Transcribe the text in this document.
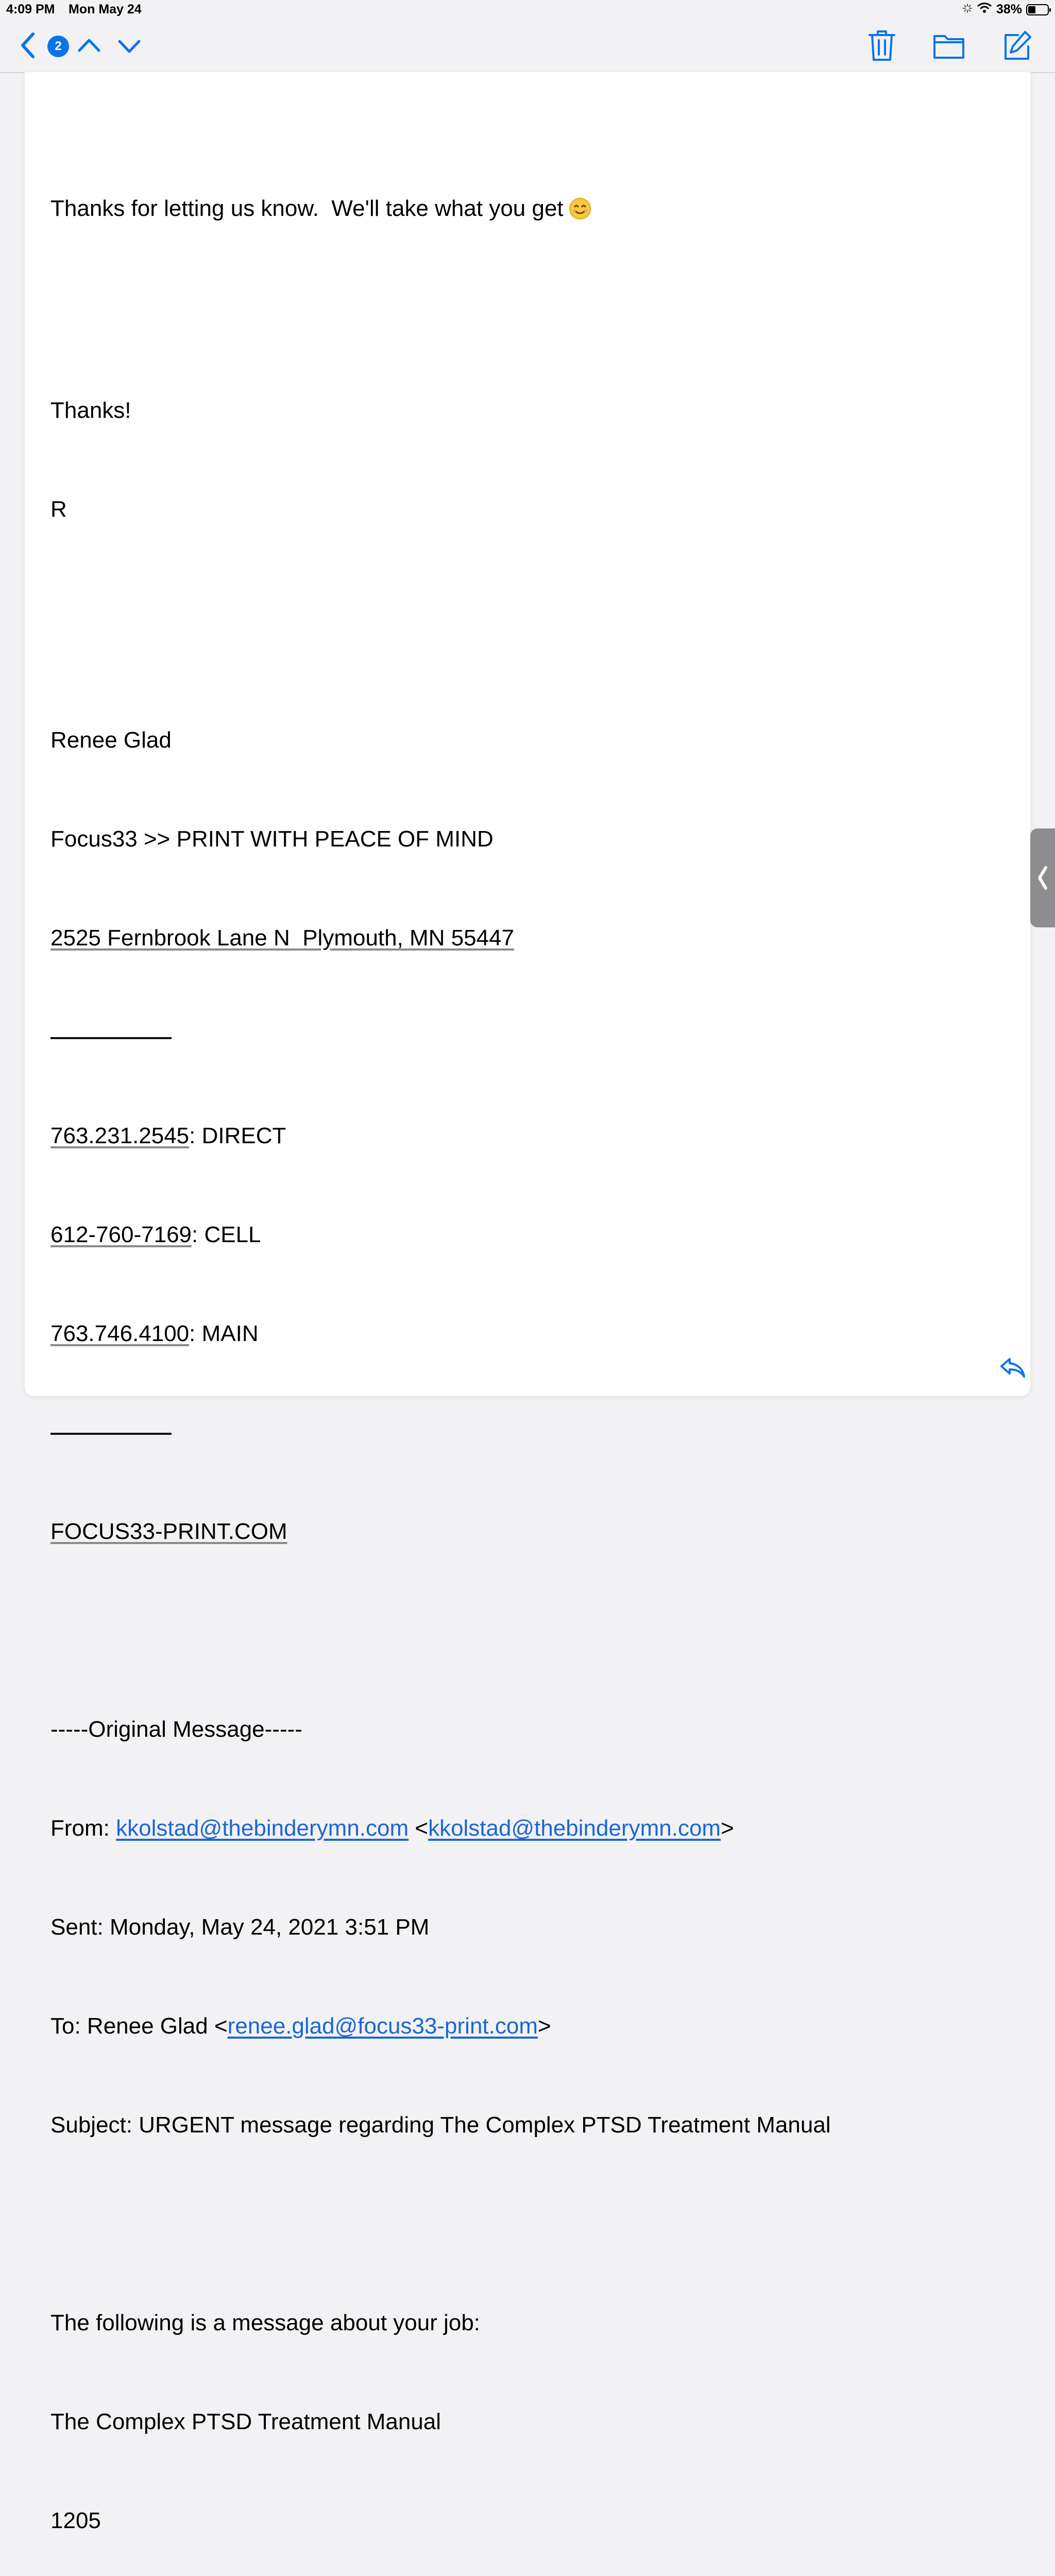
4:09 PM Mon May 24	38%
2

Thanks for letting us know.  We'll take what you get

Thanks!

R

Renee Glad

Focus33 >> PRINT WITH PEACE OF MIND

2525 Fernbrook Lane N  Plymouth, MN 55447

763.231.2545: DIRECT

612-760-7169: CELL

763.746.4100: MAIN

FOCUS33-PRINT.COM

-----Original Message-----

From: kkolstad@thebinderymn.com <kkolstad@thebinderymn.com>

Sent: Monday, May 24, 2021 3:51 PM

To: Renee Glad <renee.glad@focus33-print.com>

Subject: URGENT message regarding The Complex PTSD Treatment Manual

The following is a message about your job:

The Complex PTSD Treatment Manual

1205
